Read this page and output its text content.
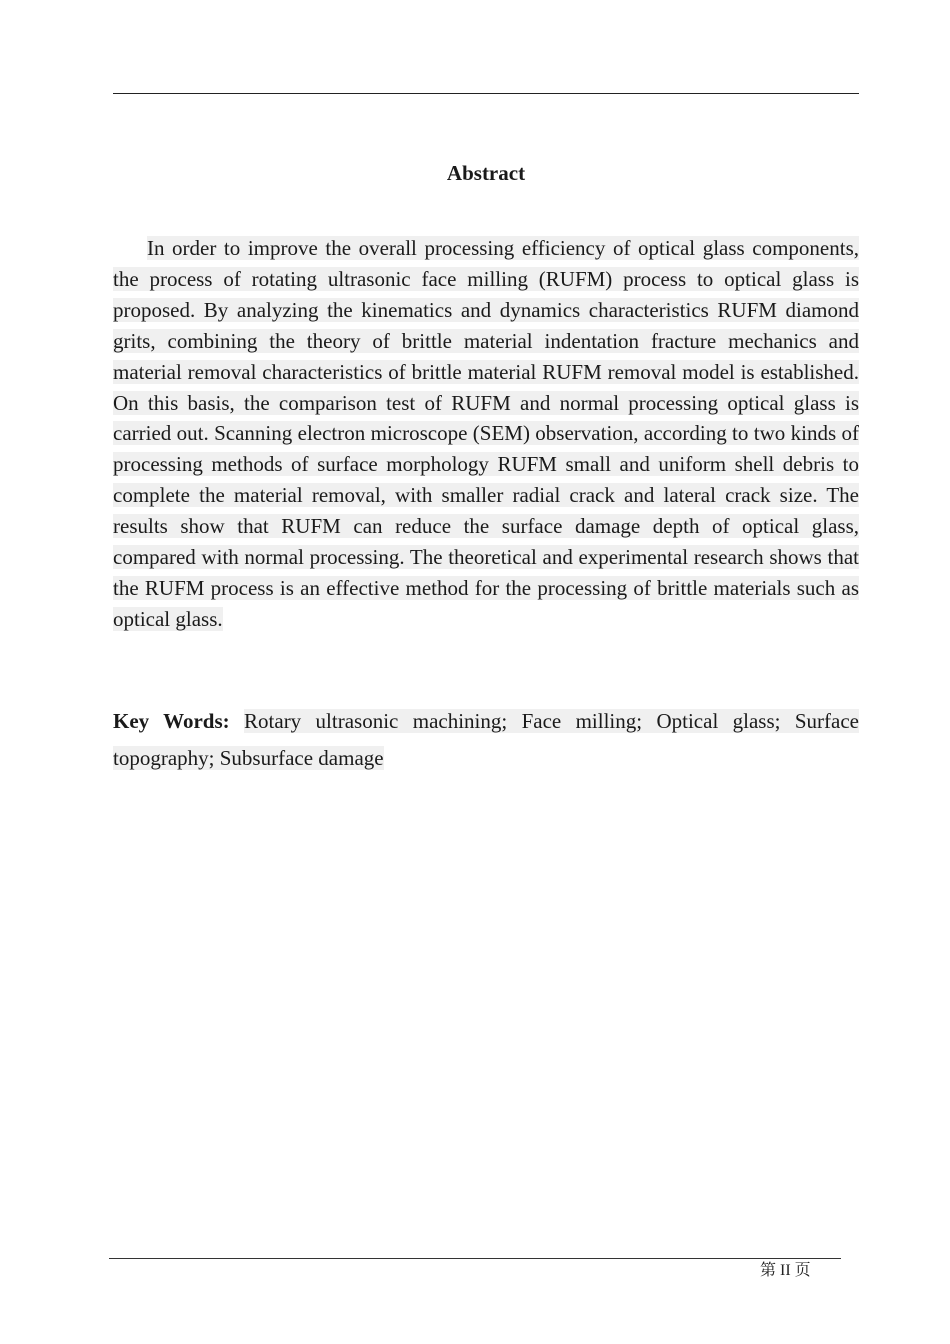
Abstract

In order to improve the overall processing efficiency of optical glass components, the process of rotating ultrasonic face milling (RUFM) process to optical glass is proposed. By analyzing the kinematics and dynamics characteristics RUFM diamond grits, combining the theory of brittle material indentation fracture mechanics and material removal characteristics of brittle material RUFM removal model is established. On this basis, the comparison test of RUFM and normal processing optical glass is carried out. Scanning electron microscope (SEM) observation, according to two kinds of processing methods of surface morphology RUFM small and uniform shell debris to complete the material removal, with smaller radial crack and lateral crack size. The results show that RUFM can reduce the surface damage depth of optical glass, compared with normal processing. The theoretical and experimental research shows that the RUFM process is an effective method for the processing of brittle materials such as optical glass.

Key Words: Rotary ultrasonic machining; Face milling; Optical glass; Surface topography; Subsurface damage

第 II 页
